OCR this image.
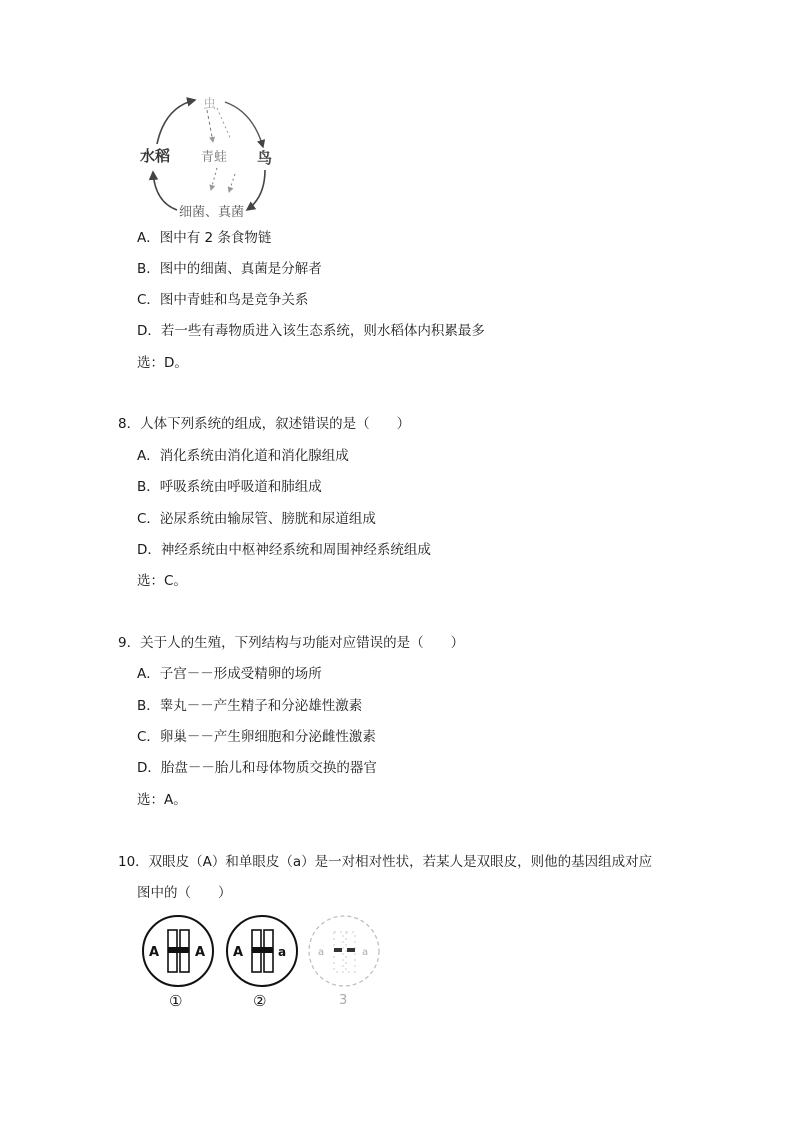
虫
水稻 青蛙 鸟
细菌、真菌
A．图中有 2 条食物链
B．图中的细菌、真菌是分解者
C．图中青蛙和鸟是竞争关系
D．若一些有毒物质进入该生态系统，则水稻体内积累最多
选：D。
8．人体下列系统的组成，叙述错误的是（　　）
A．消化系统由消化道和消化腺组成
B．呼吸系统由呼吸道和肺组成
C．泌尿系统由输尿管、膀胱和尿道组成
D．神经系统由中枢神经系统和周围神经系统组成
选：C。
9．关于人的生殖，下列结构与功能对应错误的是（　　）
A．子宫－－形成受精卵的场所
B．睾丸－－产生精子和分泌雄性激素
C．卵巢－－产生卵细胞和分泌雌性激素
D．胎盘－－胎儿和母体物质交换的器官
选：A。
10．双眼皮（A）和单眼皮（a）是一对相对性状，若某人是双眼皮，则他的基因组成对应
图中的（　　）
A	A
①
A	a
②
a	a
3
